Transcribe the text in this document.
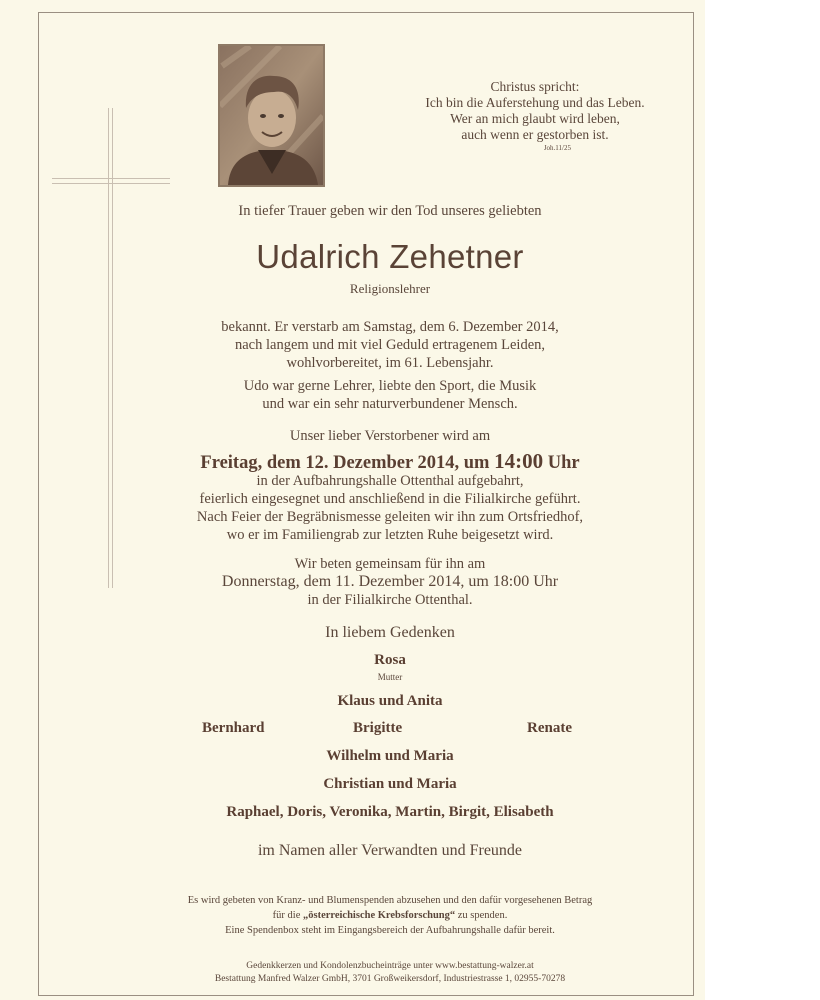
Christus spricht:
Ich bin die Auferstehung und das Leben.
Wer an mich glaubt wird leben,
auch wenn er gestorben ist.
Joh.11/25
In tiefer Trauer geben wir den Tod unseres geliebten
Udalrich Zehetner
Religionslehrer
bekannt. Er verstarb am Samstag, dem 6. Dezember 2014,
nach langem und mit viel Geduld ertragenem Leiden,
wohlvorbereitet, im 61. Lebensjahr.
Udo war gerne Lehrer, liebte den Sport, die Musik
und war ein sehr naturverbundener Mensch.
Unser lieber Verstorbener wird am
Freitag, dem 12. Dezember 2014, um 14:00 Uhr
in der Aufbahrungshalle Ottenthal aufgebahrt,
feierlich eingesegnet und anschließend in die Filialkirche geführt.
Nach Feier der Begräbnismesse geleiten wir ihn zum Ortsfriedhof,
wo er im Familiengrab zur letzten Ruhe beigesetzt wird.
Wir beten gemeinsam für ihn am
Donnerstag, dem 11. Dezember 2014, um 18:00 Uhr
in der Filialkirche Ottenthal.
In liebem Gedenken
Rosa
Mutter
Klaus und Anita
Bernhard	Brigitte	Renate
Wilhelm und Maria
Christian und Maria
Raphael, Doris, Veronika, Martin, Birgit, Elisabeth
im Namen aller Verwandten und Freunde
Es wird gebeten von Kranz- und Blumenspenden abzusehen und den dafür vorgesehenen Betrag
für die „österreichische Krebsforschung“ zu spenden.
Eine Spendenbox steht im Eingangsbereich der Aufbahrungshalle dafür bereit.
Gedenkkerzen und Kondolenzbucheinträge unter www.bestattung-walzer.at
Bestattung Manfred Walzer GmbH, 3701 Großweikersdorf, Industriestrasse 1, 02955-70278
